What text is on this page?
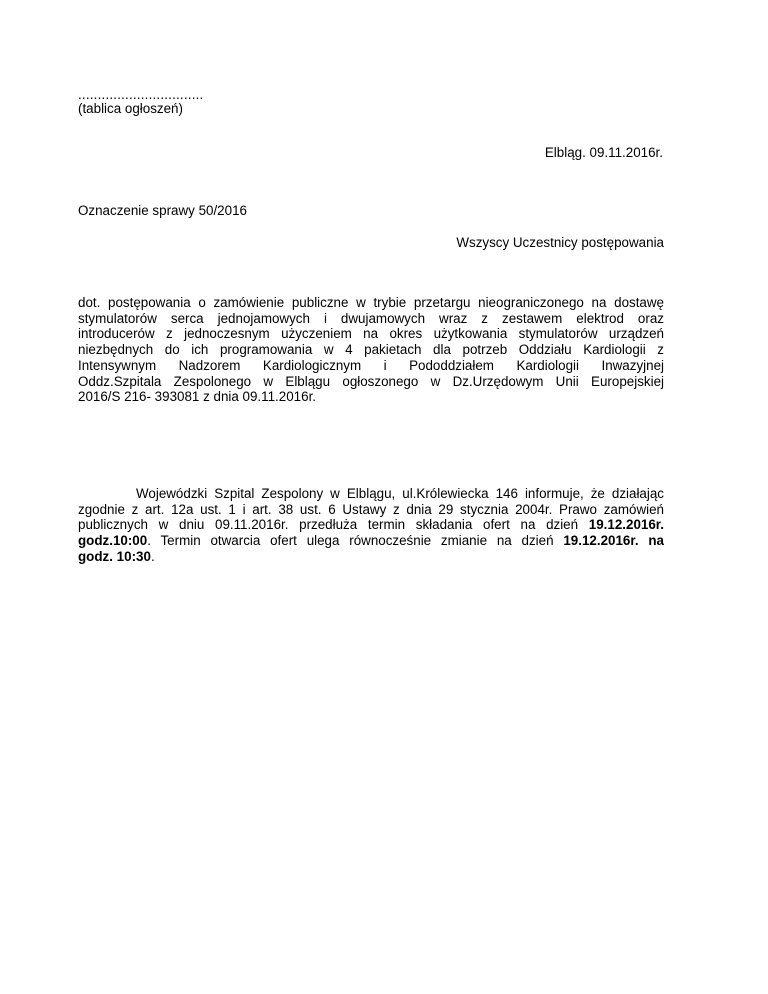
................................
(tablica ogłoszeń)
Elbląg. 09.11.2016r.
Oznaczenie sprawy 50/2016
Wszyscy Uczestnicy postępowania
dot. postępowania o zamówienie publiczne w trybie przetargu nieograniczonego na dostawę
stymulatorów serca jednojamowych i dwujamowych wraz z zestawem elektrod oraz
introducerów z jednoczesnym użyczeniem na okres użytkowania stymulatorów urządzeń
niezbędnych do ich programowania w 4 pakietach dla potrzeb Oddziału Kardiologii z
Intensywnym Nadzorem Kardiologicznym i Pododdziałem Kardiologii Inwazyjnej
Oddz.Szpitala Zespolonego w Elblągu ogłoszonego w Dz.Urzędowym Unii Europejskiej
2016/S 216- 393081 z dnia 09.11.2016r.
Wojewódzki Szpital Zespolony w Elblągu, ul.Królewiecka 146 informuje, że działając
zgodnie z art. 12a ust. 1 i art. 38 ust. 6 Ustawy z dnia 29 stycznia 2004r. Prawo zamówień
publicznych w dniu 09.11.2016r. przedłuża termin składania ofert na dzień 19.12.2016r.
godz.10:00. Termin otwarcia ofert ulega równocześnie zmianie na dzień 19.12.2016r. na
godz. 10:30.
